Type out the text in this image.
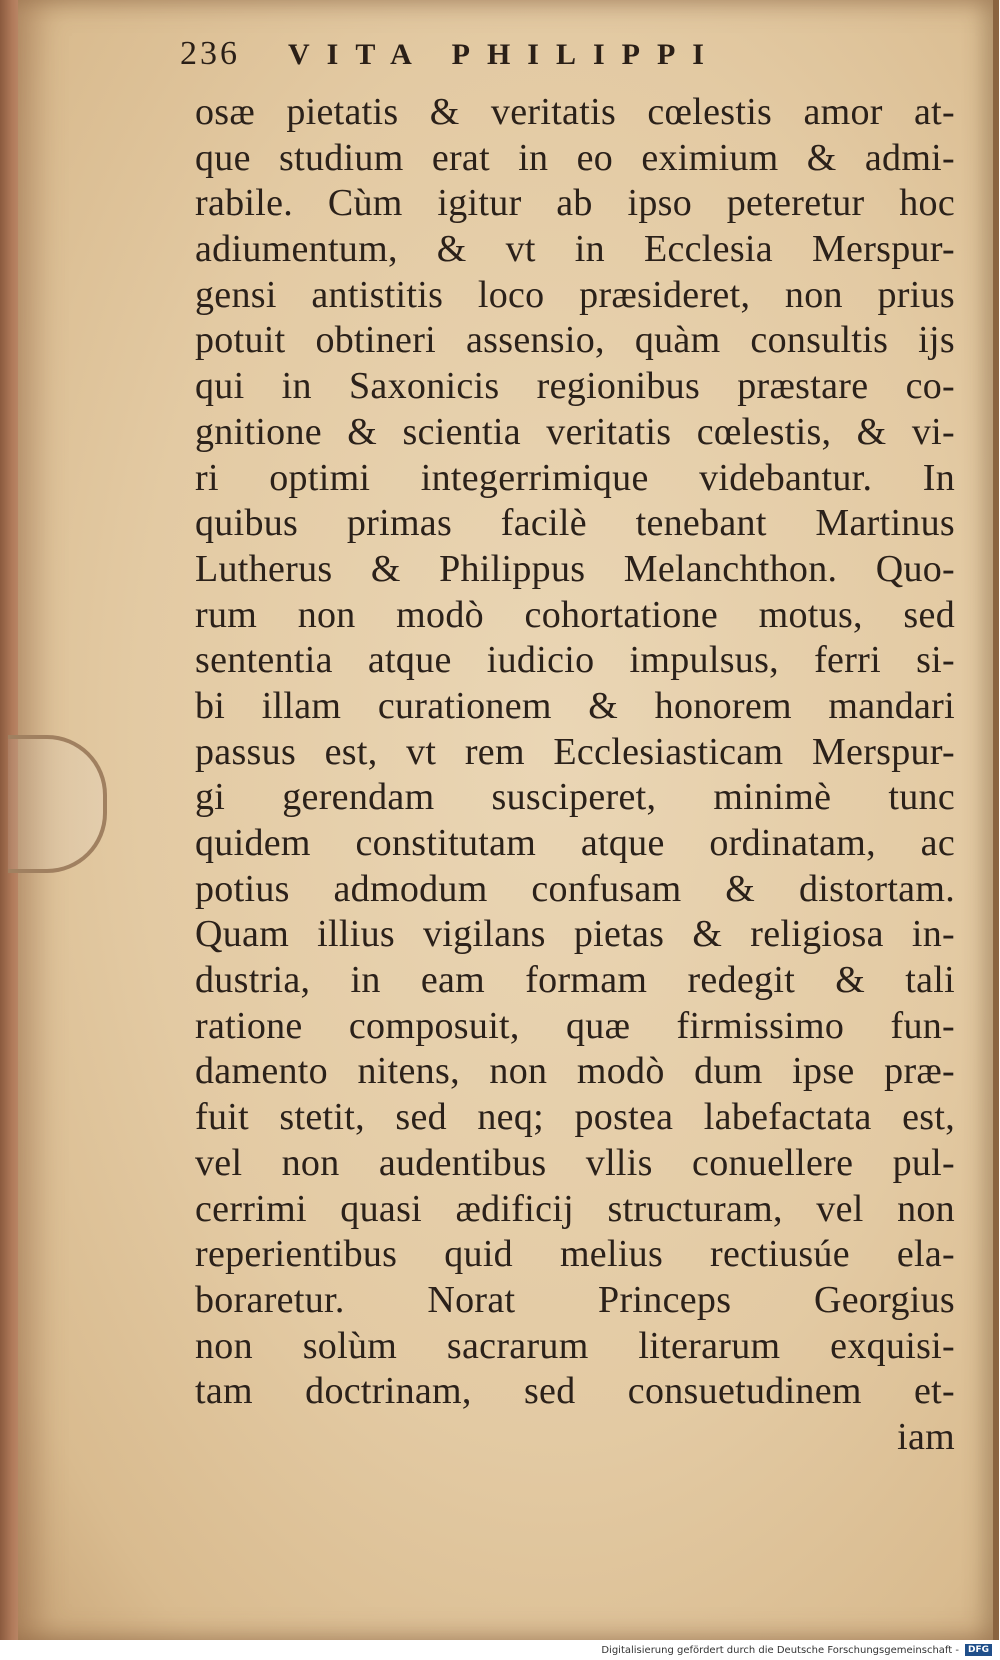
236 VITA PHILIPPI
osæ pietatis & veritatis cœlestis amor at-
que studium erat in eo eximium & admi-
rabile. Cùm igitur ab ipso peteretur hoc
adiumentum, & vt in Ecclesia Merspur-
gensi antistitis loco præsideret, non prius
potuit obtineri assensio, quàm consultis ijs
qui in Saxonicis regionibus præstare co-
gnitione & scientia veritatis cœlestis, & vi-
ri optimi integerrimique videbantur. In
quibus primas facilè tenebant Martinus
Lutherus & Philippus Melanchthon. Quo-
rum non modò cohortatione motus, sed
sententia atque iudicio impulsus, ferri si-
bi illam curationem & honorem mandari
passus est, vt rem Ecclesiasticam Merspur-
gi gerendam susciperet, minimè tunc
quidem constitutam atque ordinatam, ac
potius admodum confusam & distortam.
Quam illius vigilans pietas & religiosa in-
dustria, in eam formam redegit & tali
ratione composuit, quæ firmissimo fun-
damento nitens, non modò dum ipse præ-
fuit stetit, sed neq; postea labefactata est,
vel non audentibus vllis conuellere pul-
cerrimi quasi ædificij structuram, vel non
reperientibus quid melius rectiusúe ela-
boraretur. Norat Princeps Georgius
non solùm sacrarum literarum exquisi-
tam doctrinam, sed consuetudinem et-
iam
Digitalisierung gefördert durch die Deutsche Forschungsgemeinschaft -	DFG
